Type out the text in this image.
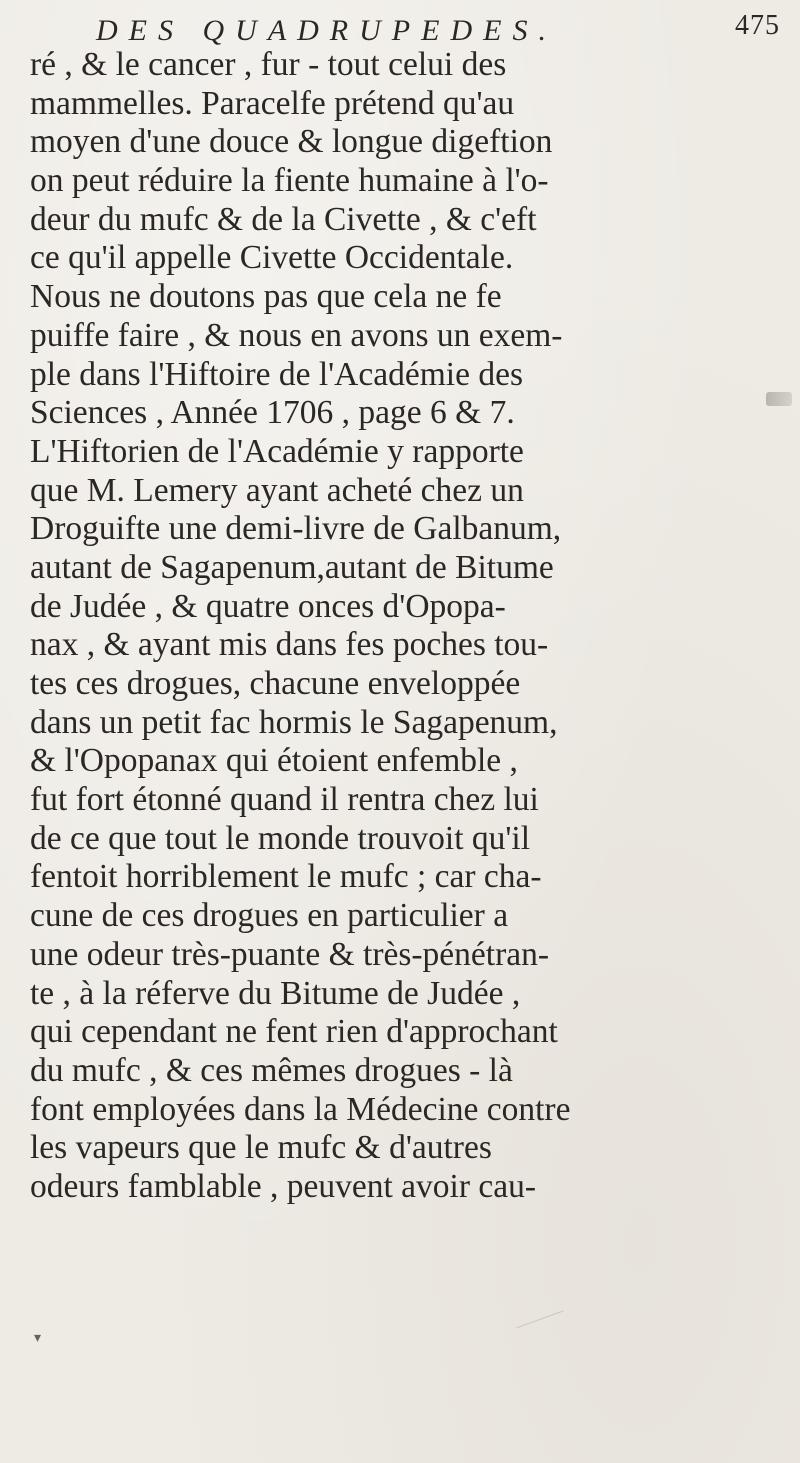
DES QUADRUPEDES.	475
ré , & le cancer , fur - tout celui des
mammelles. Paracelfe prétend qu'au
moyen d'une douce & longue digeftion
on peut réduire la fiente humaine à l'o-
deur du mufc & de la Civette , & c'eft
ce qu'il appelle Civette Occidentale.
Nous ne doutons pas que cela ne fe
puiffe faire , & nous en avons un exem-
ple dans l'Hiftoire de l'Académie des
Sciences , Année 1706 , page 6 & 7.
L'Hiftorien de l'Académie y rapporte
que M. Lemery ayant acheté chez un
Droguifte une demi-livre de Galbanum,
autant de Sagapenum,autant de Bitume
de Judée , & quatre onces d'Opopa-
nax , & ayant mis dans fes poches tou-
tes ces drogues, chacune enveloppée
dans un petit fac hormis le Sagapenum,
& l'Opopanax qui étoient enfemble ,
fut fort étonné quand il rentra chez lui
de ce que tout le monde trouvoit qu'il
fentoit horriblement le mufc ; car cha-
cune de ces drogues en particulier a
une odeur très-puante & très-pénétran-
te , à la réferve du Bitume de Judée ,
qui cependant ne fent rien d'approchant
du mufc , & ces mêmes drogues - là
font employées dans la Médecine contre
les vapeurs que le mufc & d'autres
odeurs famblable , peuvent avoir cau-
▾
